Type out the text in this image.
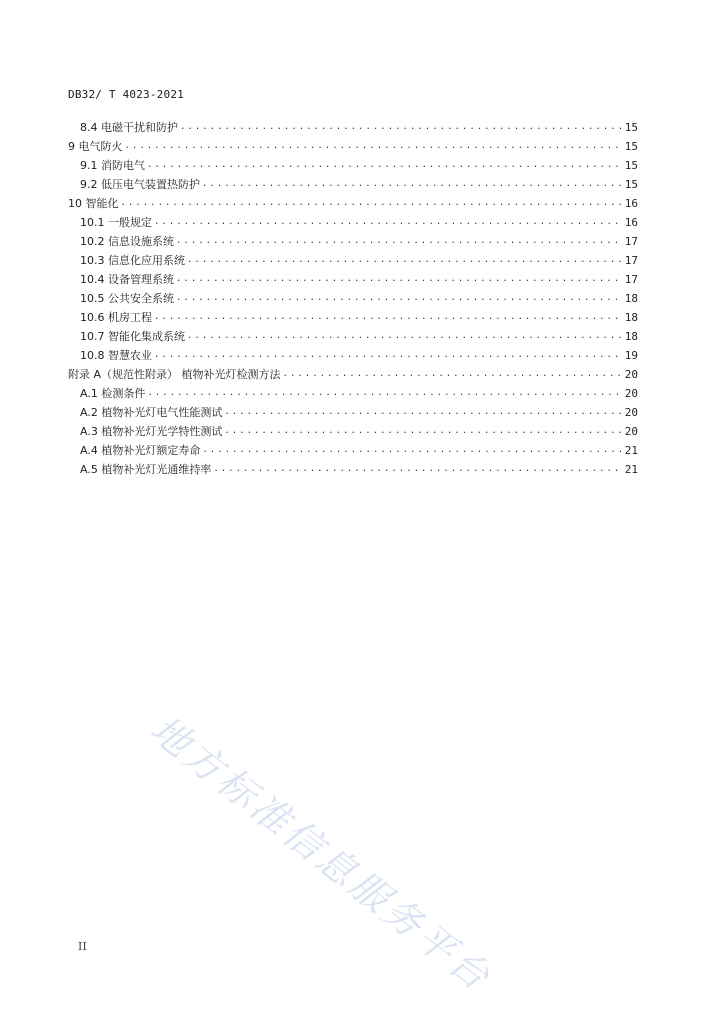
DB32/ T 4023-2021
8.4 电磁干扰和防护 .....	15
9 电气防火 .....	15
9.1 消防电气 .....	15
9.2 低压电气装置热防护 .....	15
10 智能化 .....	16
10.1 一般规定 .....	16
10.2 信息设施系统 .....	17
10.3 信息化应用系统 .....	17
10.4 设备管理系统 .....	17
10.5 公共安全系统 .....	18
10.6 机房工程 .....	18
10.7 智能化集成系统 .....	18
10.8 智慧农业 .....	19
附录 A（规范性附录） 植物补光灯检测方法 .....	20
A.1 检测条件 .....	20
A.2 植物补光灯电气性能测试 .....	20
A.3 植物补光灯光学特性测试 .....	20
A.4 植物补光灯额定寿命 .....	21
A.5 植物补光灯光通维持率 .....	21
地方标准信息服务平台
II
